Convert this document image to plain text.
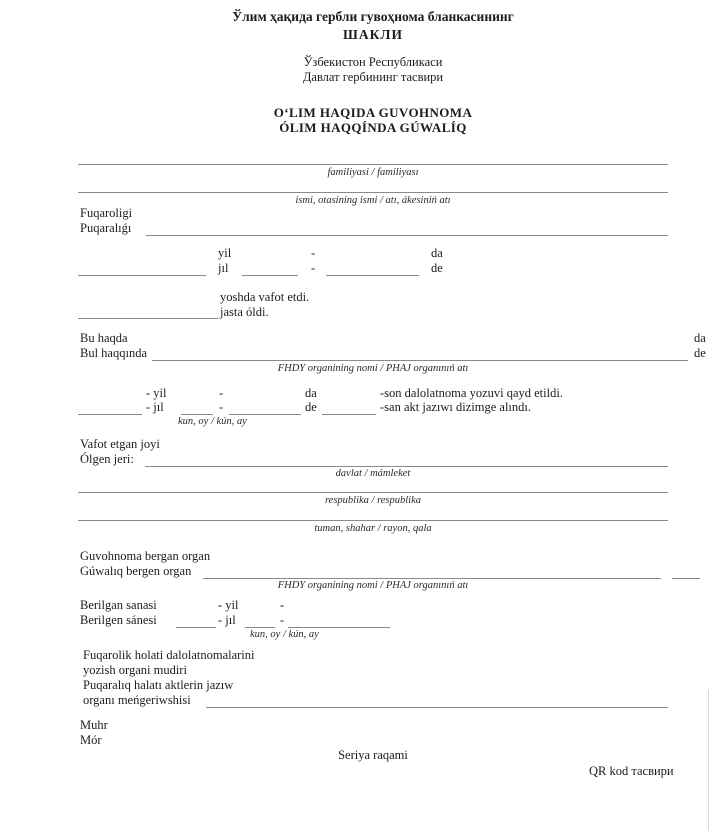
Ўлим ҳақида гербли гувоҳнома бланкасининг
ШАКЛИ
Ўзбекистон Республикаси
Давлат гербининг тасвири
OʻLIM HAQIDA GUVOHNOMA
ÓLIM HAQQÍNDA GÚWALÍQ
familiyasi / familiyası
ismi, otasining ismi / atı, ákesiniń atı
Fuqaroligi
Puqaralıǵı
yil	-	da
jıl	-	de
yoshda vafot etdi.
jasta óldi.
Bu haqda	da
Bul haqqında	de
FHDY organining nomi / PHAJ organınıń atı
- yil	-	da	-son dalolatnoma yozuvi qayd etildi.
- jıl	-	de	-san akt jazıwı dizimge alındı.
kun, oy / kún, ay
Vafot etgan joyi
Ólgen jeri:
davlat / mámleket
respublika / respublika
tuman, shahar / rayon, qala
Guvohnoma bergan organ
Gúwalıq bergen organ
FHDY organining nomi / PHAJ organınıń atı
Berilgan sanasi	- yil	-
Berilgen sánesi	- jıl	-
kun, oy / kún, ay
Fuqarolik holati dalolatnomalarini
yozish organi mudiri
Puqaralıq halatı aktlerin jazıw
organı meńgeriwshisi
Muhr
Mór
Seriya raqami
QR kod тасвири
